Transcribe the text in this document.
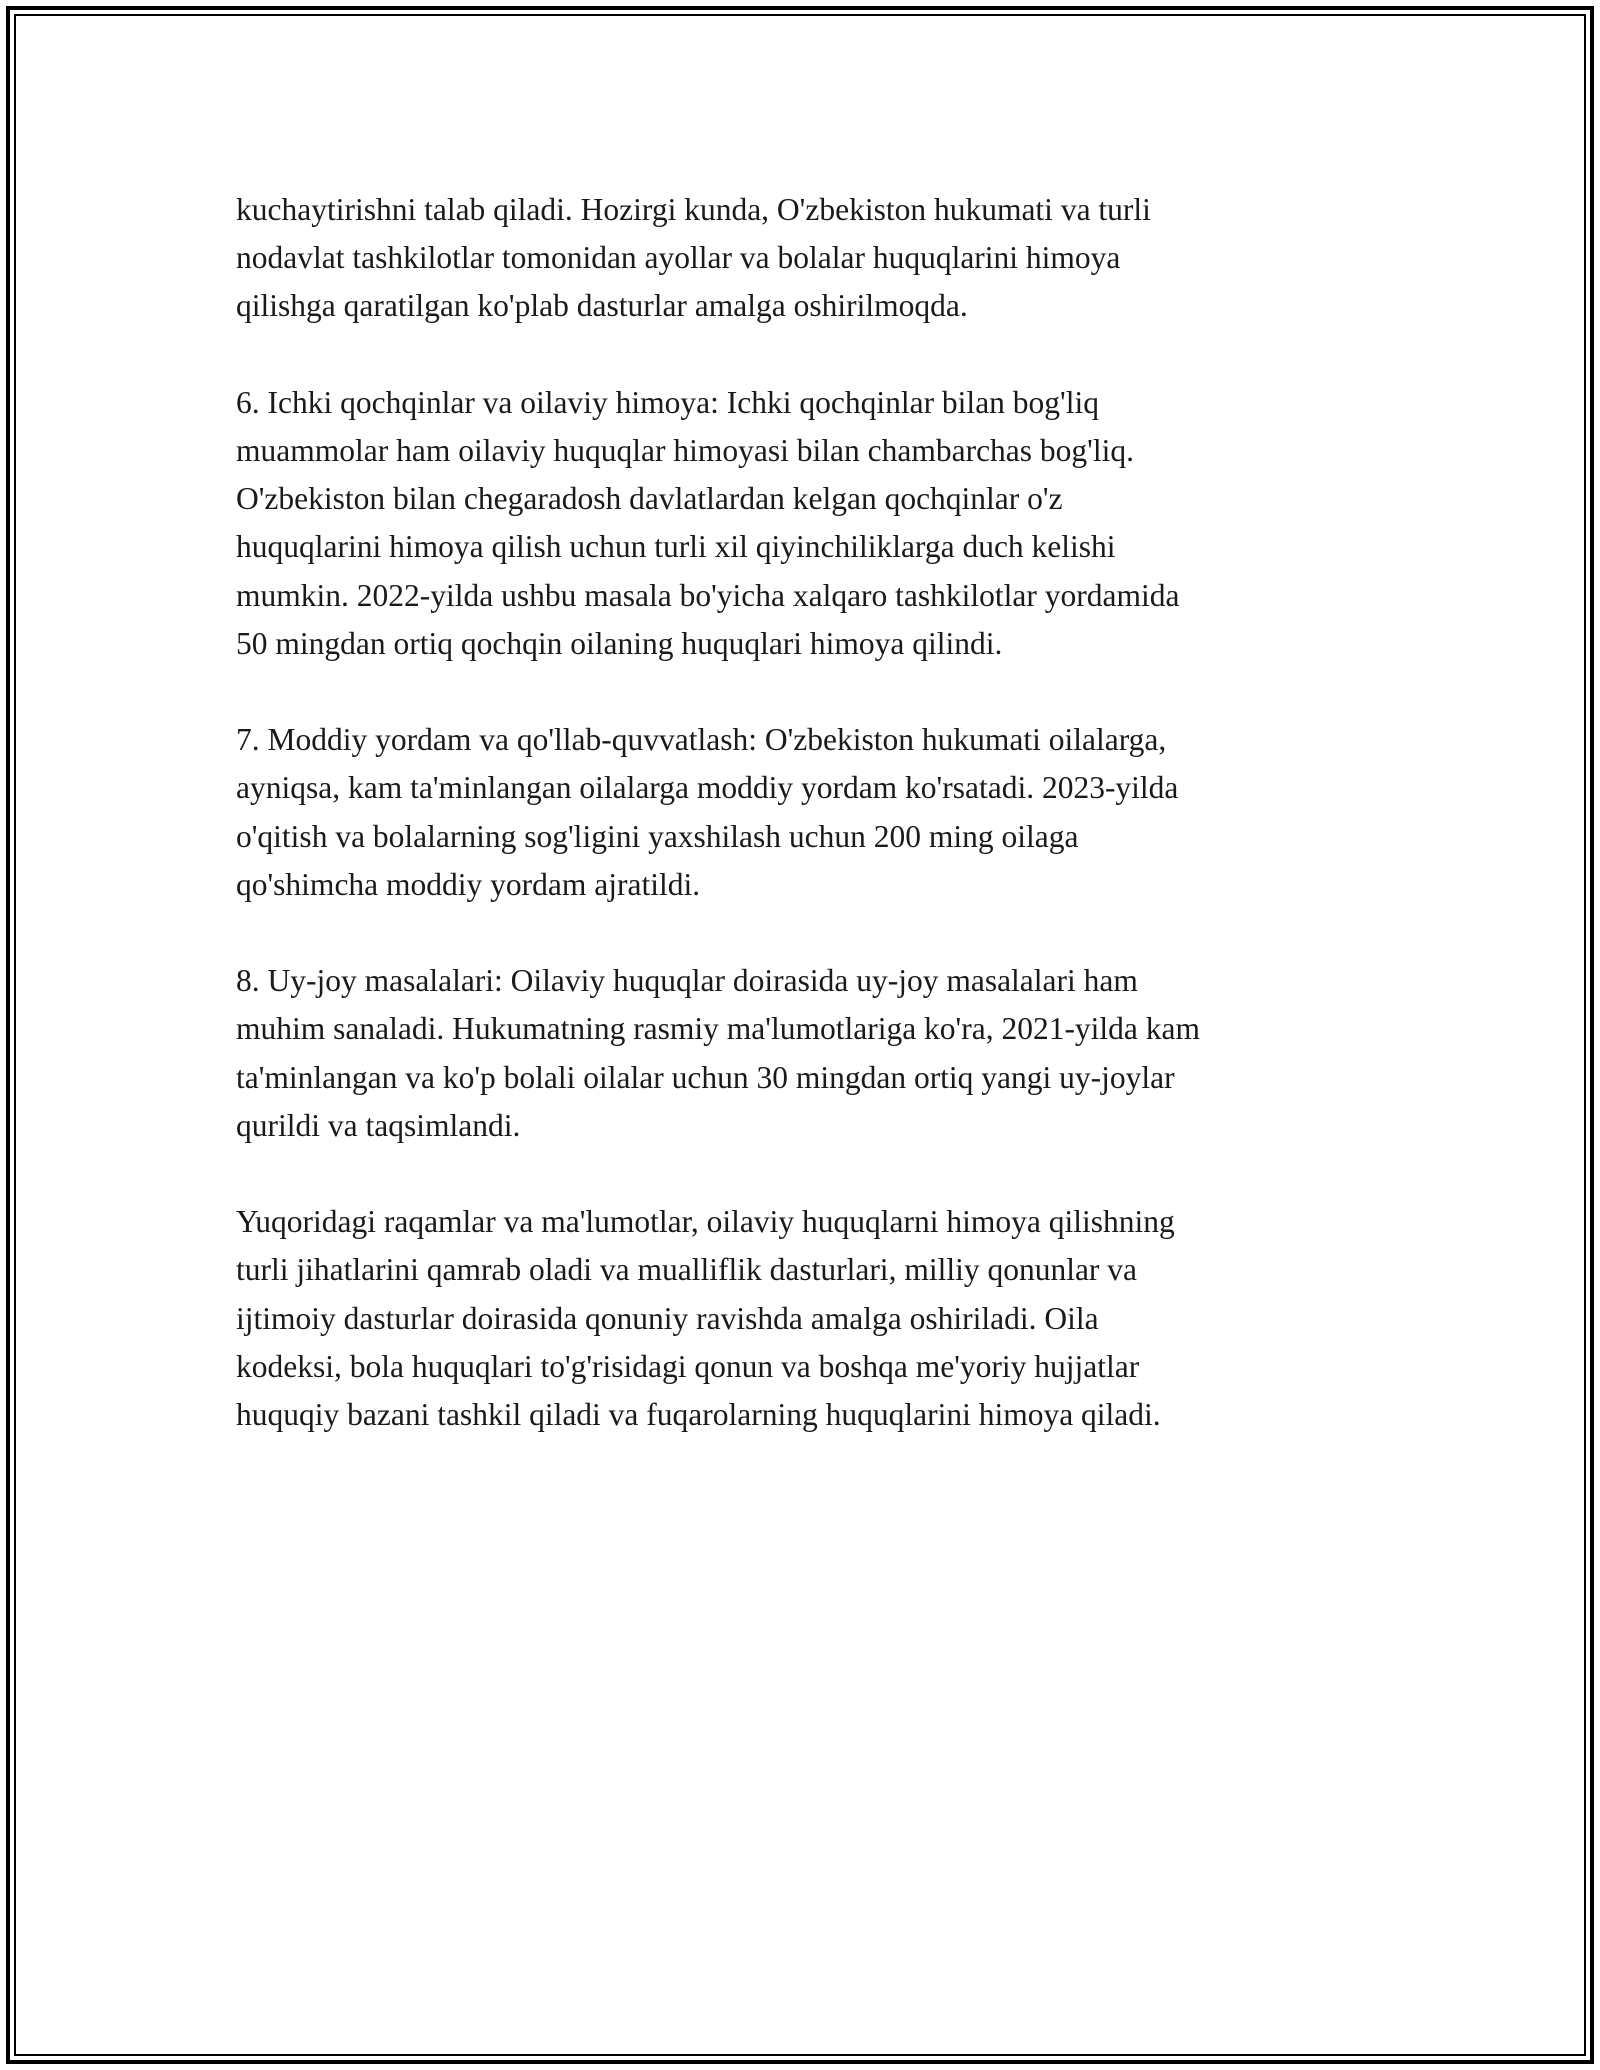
kuchaytirishni talab qiladi. Hozirgi kunda, O'zbekiston hukumati va turli
nodavlat tashkilotlar tomonidan ayollar va bolalar huquqlarini himoya
qilishga qaratilgan ko'plab dasturlar amalga oshirilmoqda.

6. Ichki qochqinlar va oilaviy himoya: Ichki qochqinlar bilan bog'liq
muammolar ham oilaviy huquqlar himoyasi bilan chambarchas bog'liq.
O'zbekiston bilan chegaradosh davlatlardan kelgan qochqinlar o'z
huquqlarini himoya qilish uchun turli xil qiyinchiliklarga duch kelishi
mumkin. 2022-yilda ushbu masala bo'yicha xalqaro tashkilotlar yordamida
50 mingdan ortiq qochqin oilaning huquqlari himoya qilindi.

7. Moddiy yordam va qo'llab-quvvatlash: O'zbekiston hukumati oilalarga,
ayniqsa, kam ta'minlangan oilalarga moddiy yordam ko'rsatadi. 2023-yilda
o'qitish va bolalarning sog'ligini yaxshilash uchun 200 ming oilaga
qo'shimcha moddiy yordam ajratildi.

8. Uy-joy masalalari: Oilaviy huquqlar doirasida uy-joy masalalari ham
muhim sanaladi. Hukumatning rasmiy ma'lumotlariga ko'ra, 2021-yilda kam
ta'minlangan va ko'p bolali oilalar uchun 30 mingdan ortiq yangi uy-joylar
qurildi va taqsimlandi.

Yuqoridagi raqamlar va ma'lumotlar, oilaviy huquqlarni himoya qilishning
turli jihatlarini qamrab oladi va mualliflik dasturlari, milliy qonunlar va
ijtimoiy dasturlar doirasida qonuniy ravishda amalga oshiriladi. Oila
kodeksi, bola huquqlari to'g'risidagi qonun va boshqa me'yoriy hujjatlar
huquqiy bazani tashkil qiladi va fuqarolarning huquqlarini himoya qiladi.
